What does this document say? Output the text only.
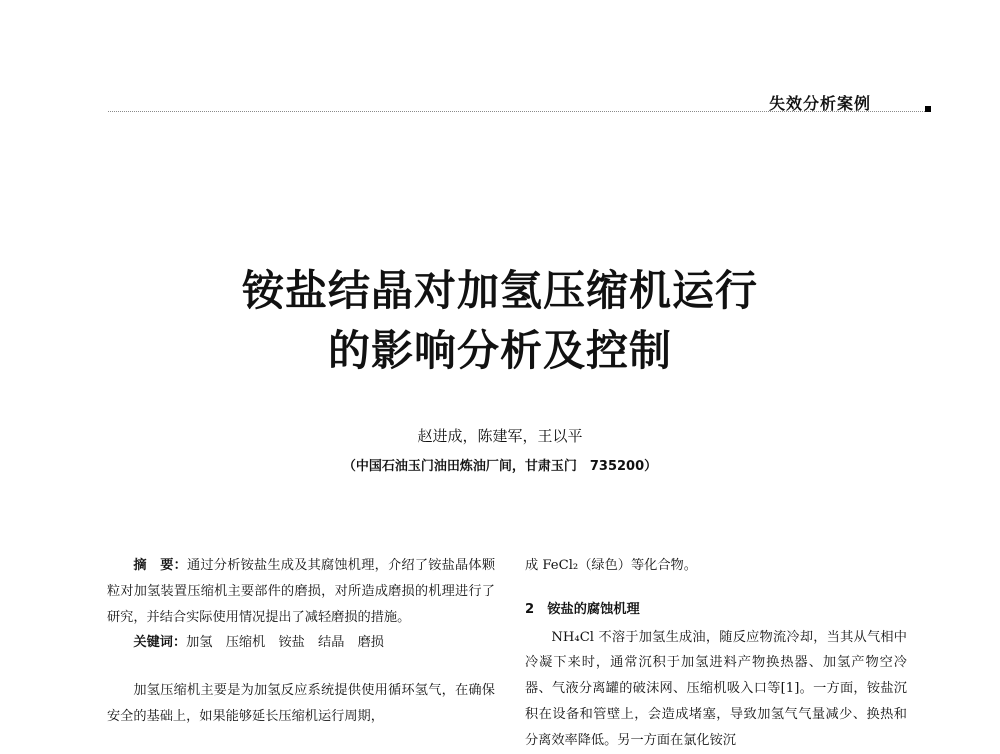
失效分析案例
铵盐结晶对加氢压缩机运行
的影响分析及控制
赵进成，陈建军，王以平
（中国石油玉门油田炼油厂间，甘肃玉门　735200）

摘　要：通过分析铵盐生成及其腐蚀机理，介绍了铵盐晶体颗粒对加氢装置压缩机主要部件的磨损，对所造成磨损的机理进行了研究，并结合实际使用情况提出了减轻磨损的措施。

关键词：加氢 压缩机 铵盐 结晶 磨损

加氢压缩机主要是为加氢反应系统提供使用循环氢气，在确保安全的基础上，如果能够延长压缩机运行周期，

成 FeCl₂（绿色）等化合物。

2　铵盐的腐蚀机理

NH₄Cl 不溶于加氢生成油，随反应物流冷却，当其从气相中冷凝下来时，通常沉积于加氢进料产物换热器、加氢产物空冷器、气液分离罐的破沫网、压缩机吸入口等[1]。一方面，铵盐沉积在设备和管壁上，会造成堵塞，导致加氢气气量减少、换热和分离效率降低。另一方面在氯化铵沉
